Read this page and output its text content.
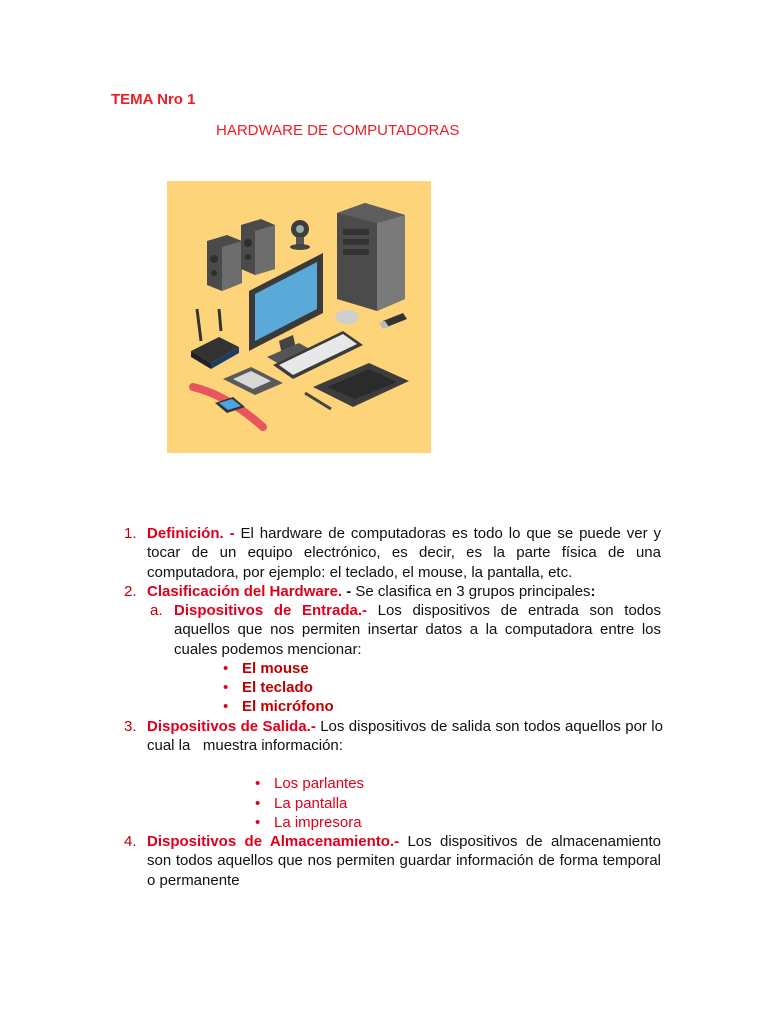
TEMA Nro 1
HARDWARE DE COMPUTADORAS
1. Definición. - El hardware de computadoras es todo lo que se puede ver y tocar de un equipo electrónico, es decir, es la parte física de una computadora, por ejemplo: el teclado, el mouse, la pantalla, etc.
2. Clasificación del Hardware. - Se clasifica en 3 grupos principales:
a. Dispositivos de Entrada.- Los dispositivos de entrada son todos aquellos que nos permiten insertar datos a la computadora entre los cuales podemos mencionar:
• El mouse
• El teclado
• El micrófono
3. Dispositivos de Salida.- Los dispositivos de salida son todos aquellos por lo cual la   muestra información:
• Los parlantes
• La pantalla
• La impresora
4. Dispositivos de Almacenamiento.- Los dispositivos de almacenamiento son todos aquellos que nos permiten guardar información de forma temporal o permanente
